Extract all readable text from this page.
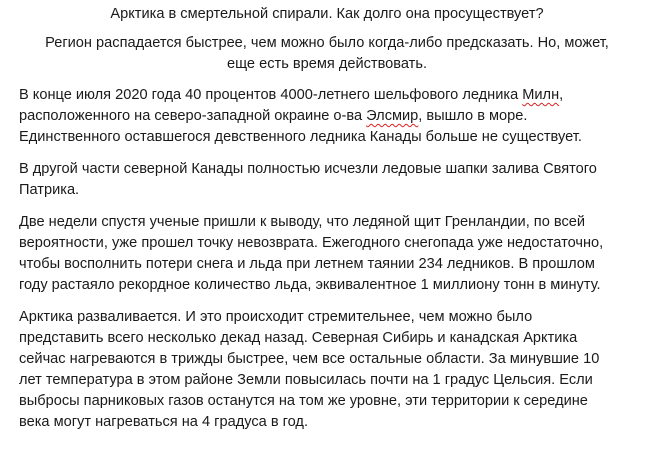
Арктика в смертельной спирали. Как долго она просуществует?
Регион распадается быстрее, чем можно было когда-либо предсказать. Но, может,
еще есть время действовать.
В конце июля 2020 года 40 процентов 4000-летнего шельфового ледника Милн,
расположенного на северо-западной окраине о-ва Элсмир, вышло в море.
Единственного оставшегося девственного ледника Канады больше не существует.
В другой части северной Канады полностью исчезли ледовые шапки залива Святого
Патрика.
Две недели спустя ученые пришли к выводу, что ледяной щит Гренландии, по всей
вероятности, уже прошел точку невозврата. Ежегодного снегопада уже недостаточно,
чтобы восполнить потери снега и льда при летнем таянии 234 ледников. В прошлом
году растаяло рекордное количество льда, эквивалентное 1 миллиону тонн в минуту.
Арктика разваливается. И это происходит стремительнее, чем можно было
представить всего несколько декад назад. Северная Сибирь и канадская Арктика
сейчас нагреваются в трижды быстрее, чем все остальные области. За минувшие 10
лет температура в этом районе Земли повысилась почти на 1 градус Цельсия. Если
выбросы парниковых газов останутся на том же уровне, эти территории к середине
века могут нагреваться на 4 градуса в год.
